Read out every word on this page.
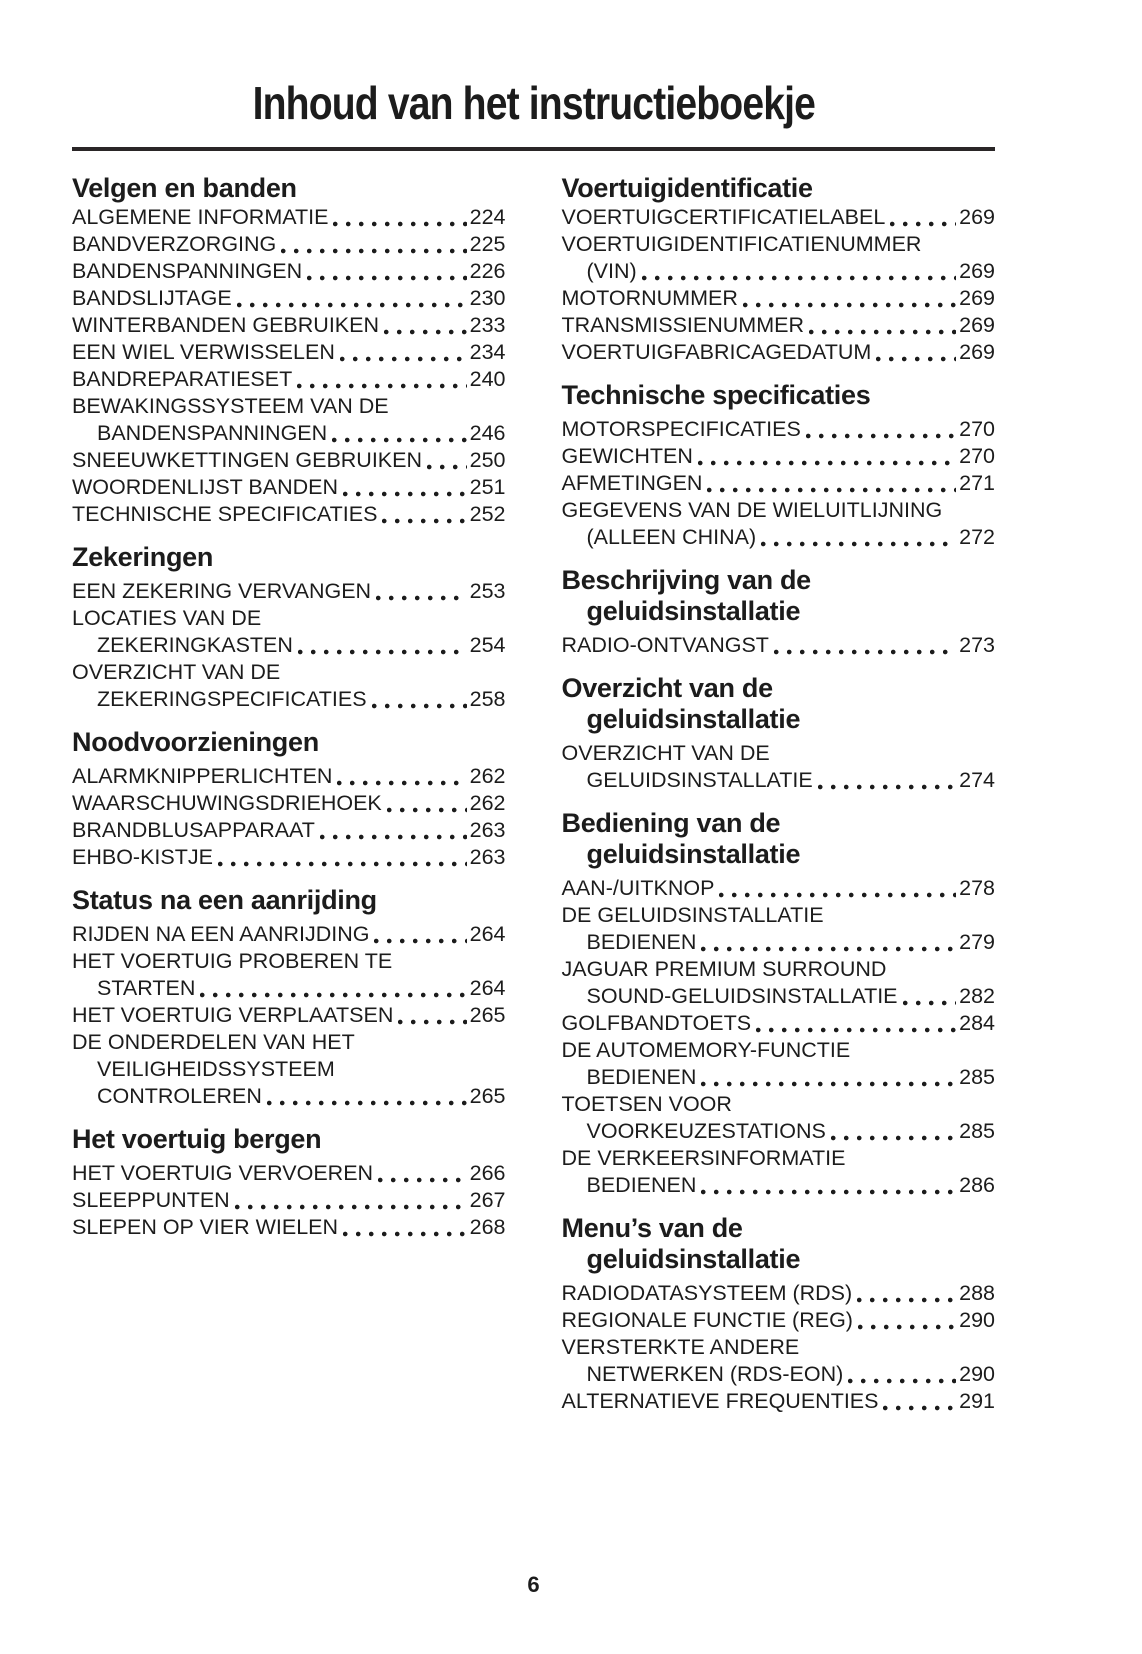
Inhoud van het instructieboekje
Velgen en banden
ALGEMENE INFORMATIE	224
BANDVERZORGING	225
BANDENSPANNINGEN	226
BANDSLIJTAGE	230
WINTERBANDEN GEBRUIKEN	233
EEN WIEL VERWISSELEN	234
BANDREPARATIESET	240
BEWAKINGSSYSTEEM VAN DE
BANDENSPANNINGEN	246
SNEEUWKETTINGEN GEBRUIKEN 250
WOORDENLIJST BANDEN	251
TECHNISCHE SPECIFICATIES	252
Zekeringen
EEN ZEKERING VERVANGEN	253
LOCATIES VAN DE
ZEKERINGKASTEN	254
OVERZICHT VAN DE
ZEKERINGSPECIFICATIES	258
Noodvoorzieningen
ALARMKNIPPERLICHTEN	262
WAARSCHUWINGSDRIEHOEK	262
BRANDBLUSAPPARAAT	263
EHBO-KISTJE	263
Status na een aanrijding
RIJDEN NA EEN AANRIJDING	264
HET VOERTUIG PROBEREN TE
STARTEN	264
HET VOERTUIG VERPLAATSEN	265
DE ONDERDELEN VAN HET
VEILIGHEIDSSYSTEEM
CONTROLEREN	265
Het voertuig bergen
HET VOERTUIG VERVOEREN	266
SLEEPPUNTEN	267
SLEPEN OP VIER WIELEN	268
Voertuigidentificatie
VOERTUIGCERTIFICATIELABEL	269
VOERTUIGIDENTIFICATIENUMMER
(VIN)	269
MOTORNUMMER	269
TRANSMISSIENUMMER	269
VOERTUIGFABRICAGEDATUM	269
Technische specificaties
MOTORSPECIFICATIES	270
GEWICHTEN	270
AFMETINGEN	271
GEGEVENS VAN DE WIELUITLIJNING
(ALLEEN CHINA)	272
Beschrijving van de
geluidsinstallatie
RADIO-ONTVANGST	273
Overzicht van de
geluidsinstallatie
OVERZICHT VAN DE
GELUIDSINSTALLATIE	274
Bediening van de
geluidsinstallatie
AAN-/UITKNOP	278
DE GELUIDSINSTALLATIE
BEDIENEN	279
JAGUAR PREMIUM SURROUND
SOUND-GELUIDSINSTALLATIE	282
GOLFBANDTOETS	284
DE AUTOMEMORY-FUNCTIE
BEDIENEN	285
TOETSEN VOOR
VOORKEUZESTATIONS	285
DE VERKEERSINFORMATIE
BEDIENEN	286
Menu’s van de
geluidsinstallatie
RADIODATASYSTEEM (RDS)	288
REGIONALE FUNCTIE (REG)	290
VERSTERKTE ANDERE
NETWERKEN (RDS-EON)	290
ALTERNATIEVE FREQUENTIES	291
6
